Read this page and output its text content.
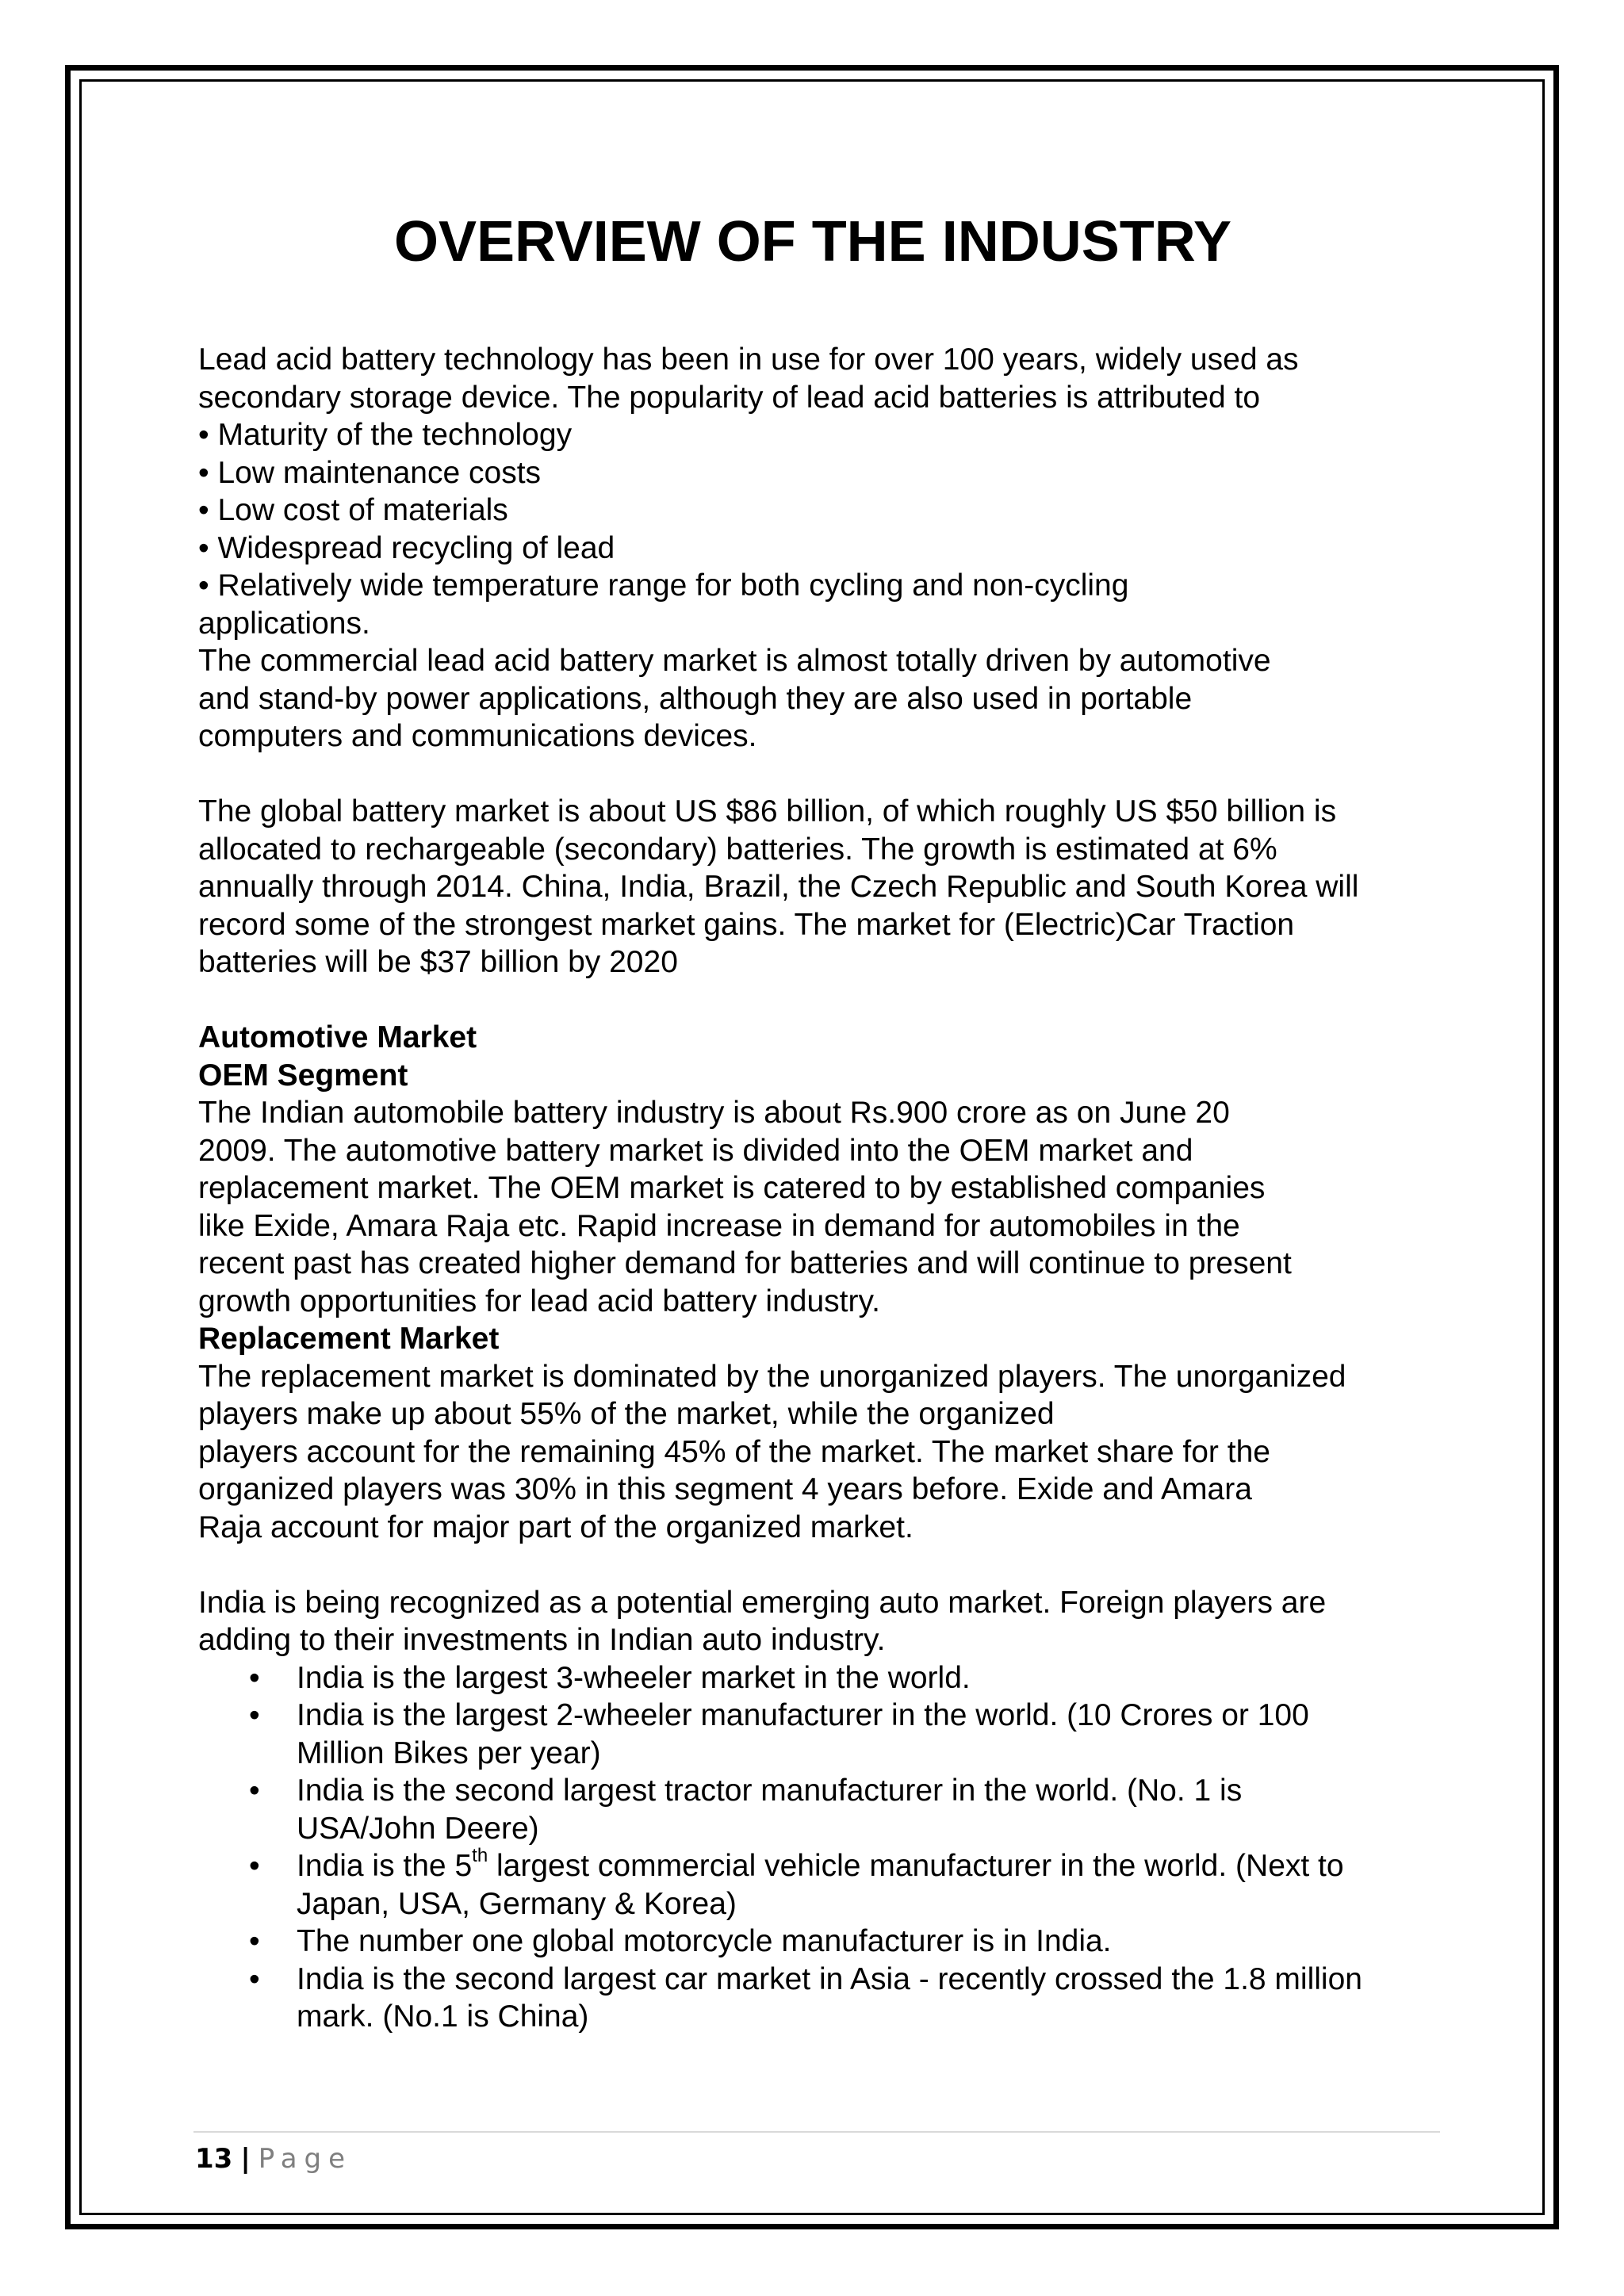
OVERVIEW OF THE INDUSTRY
Lead acid battery technology has been in use for over 100 years, widely used as
secondary storage device. The popularity of lead acid batteries is attributed to
• Maturity of the technology
• Low maintenance costs
• Low cost of materials
• Widespread recycling of lead
• Relatively wide temperature range for both cycling and non-cycling
applications.
The commercial lead acid battery market is almost totally driven by automotive
and stand-by power applications, although they are also used in portable
computers and communications devices.
The global battery market is about US $86 billion, of which roughly US $50 billion is
allocated to rechargeable (secondary) batteries. The growth is estimated at 6%
annually through 2014. China, India, Brazil, the Czech Republic and South Korea will
record some of the strongest market gains. The market for (Electric)Car Traction
batteries will be $37 billion by 2020
Automotive Market
OEM Segment
The Indian automobile battery industry is about Rs.900 crore as on June 20
2009. The automotive battery market is divided into the OEM market and
replacement market. The OEM market is catered to by established companies
like Exide, Amara Raja etc. Rapid increase in demand for automobiles in the
recent past has created higher demand for batteries and will continue to present
growth opportunities for lead acid battery industry.
Replacement Market
The replacement market is dominated by the unorganized players. The unorganized
players make up about 55% of the market, while the organized
players account for the remaining 45% of the market. The market share for the
organized players was 30% in this segment 4 years before. Exide and Amara
Raja account for major part of the organized market.
India is being recognized as a potential emerging auto market. Foreign players are
adding to their investments in Indian auto industry.
• India is the largest 3-wheeler market in the world.
• India is the largest 2-wheeler manufacturer in the world. (10 Crores or 100
Million Bikes per year)
• India is the second largest tractor manufacturer in the world. (No. 1 is
USA/John Deere)
• India is the 5th largest commercial vehicle manufacturer in the world. (Next to
Japan, USA, Germany & Korea)
• The number one global motorcycle manufacturer is in India.
• India is the second largest car market in Asia - recently crossed the 1.8 million
mark. (No.1 is China)
13 | Page
